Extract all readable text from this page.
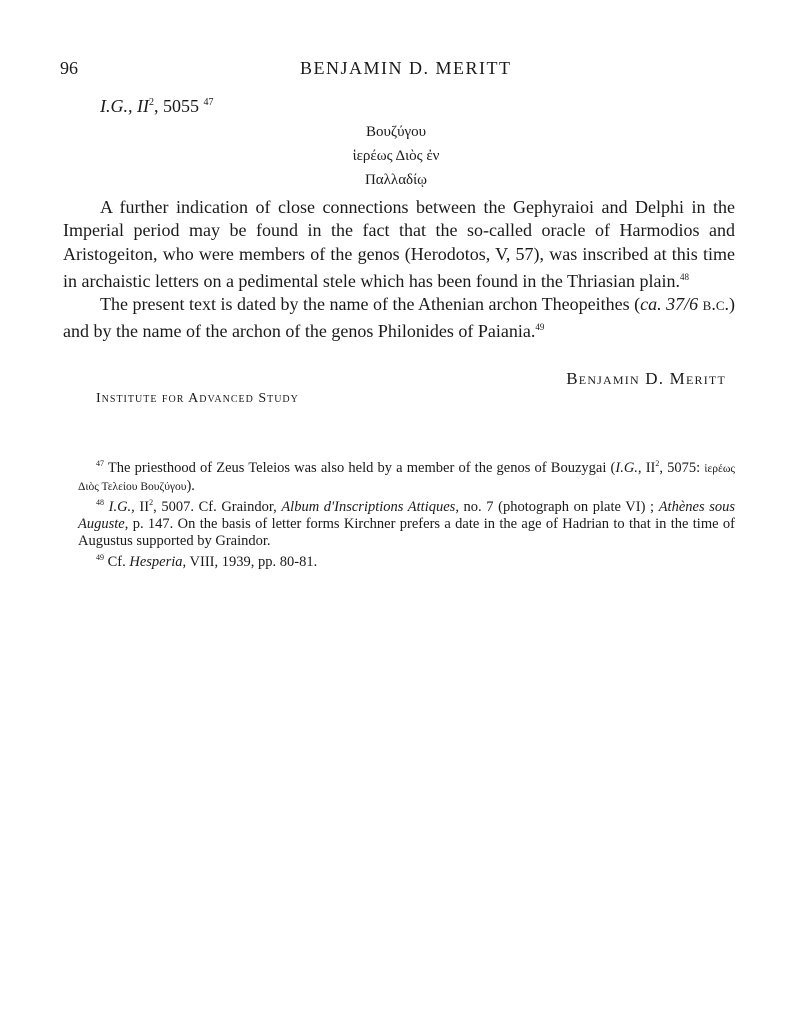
96	BENJAMIN D. MERITT
I.G., $II^2$, 5055 $^{47}$
Βουζύγου
ἱερέως Διὸς ἐν
Παλλαδίῳ

A further indication of close connections between the Gephyraioi and Delphi in the Imperial period may be found in the fact that the so-called oracle of Harmodios and Aristogeiton, who were members of the genos (Herodotos, V, 57), was inscribed at this time in archaistic letters on a pedimental stele which has been found in the Thriasian plain.$^{48}$

The present text is dated by the name of the Athenian archon Theopeithes (ca. 37/6 b.c.) and by the name of the archon of the genos Philonides of Paiania.$^{49}$

Benjamin D. Meritt
Institute for Advanced Study

$^{47}$ The priesthood of Zeus Teleios was also held by a member of the genos of Bouzygai (I.G., $II^2$, 5075: ἱερέως Διὸς Τελείου Βουζύγου).

$^{48}$ I.G., $II^2$, 5007. Cf. Graindor, Album d'Inscriptions Attiques, no. 7 (photograph on plate VI) ; Athènes sous Auguste, p. 147. On the basis of letter forms Kirchner prefers a date in the age of Hadrian to that in the time of Augustus supported by Graindor.

$^{49}$ Cf. Hesperia, VIII, 1939, pp. 80-81.
